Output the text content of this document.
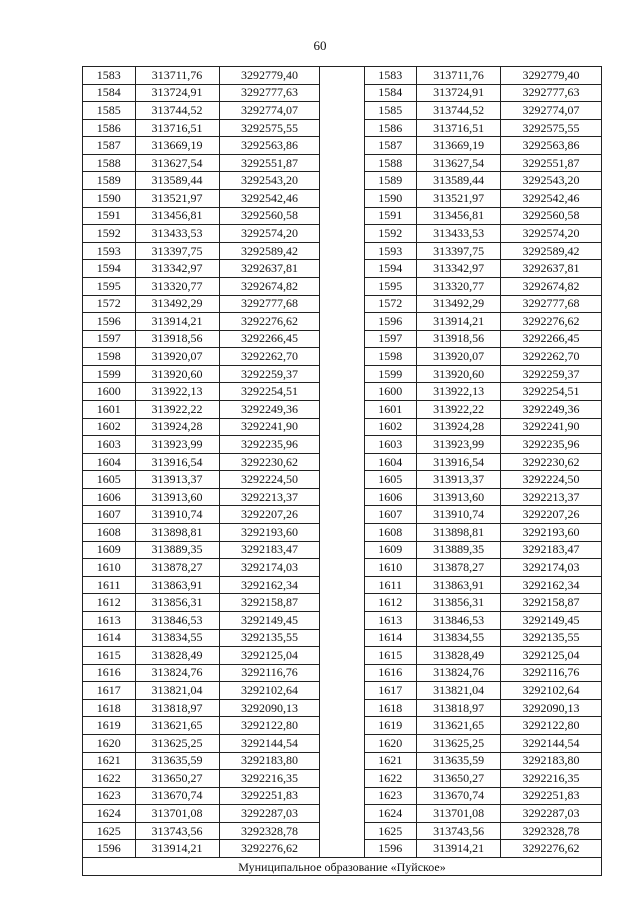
60
1583	313711,76	3292779,40		1583	313711,76	3292779,40
1584	313724,91	3292777,63		1584	313724,91	3292777,63
1585	313744,52	3292774,07		1585	313744,52	3292774,07
1586	313716,51	3292575,55		1586	313716,51	3292575,55
1587	313669,19	3292563,86		1587	313669,19	3292563,86
1588	313627,54	3292551,87		1588	313627,54	3292551,87
1589	313589,44	3292543,20		1589	313589,44	3292543,20
1590	313521,97	3292542,46		1590	313521,97	3292542,46
1591	313456,81	3292560,58		1591	313456,81	3292560,58
1592	313433,53	3292574,20		1592	313433,53	3292574,20
1593	313397,75	3292589,42		1593	313397,75	3292589,42
1594	313342,97	3292637,81		1594	313342,97	3292637,81
1595	313320,77	3292674,82		1595	313320,77	3292674,82
1572	313492,29	3292777,68		1572	313492,29	3292777,68
1596	313914,21	3292276,62		1596	313914,21	3292276,62
1597	313918,56	3292266,45		1597	313918,56	3292266,45
1598	313920,07	3292262,70		1598	313920,07	3292262,70
1599	313920,60	3292259,37		1599	313920,60	3292259,37
1600	313922,13	3292254,51		1600	313922,13	3292254,51
1601	313922,22	3292249,36		1601	313922,22	3292249,36
1602	313924,28	3292241,90		1602	313924,28	3292241,90
1603	313923,99	3292235,96		1603	313923,99	3292235,96
1604	313916,54	3292230,62		1604	313916,54	3292230,62
1605	313913,37	3292224,50		1605	313913,37	3292224,50
1606	313913,60	3292213,37		1606	313913,60	3292213,37
1607	313910,74	3292207,26		1607	313910,74	3292207,26
1608	313898,81	3292193,60		1608	313898,81	3292193,60
1609	313889,35	3292183,47		1609	313889,35	3292183,47
1610	313878,27	3292174,03		1610	313878,27	3292174,03
1611	313863,91	3292162,34		1611	313863,91	3292162,34
1612	313856,31	3292158,87		1612	313856,31	3292158,87
1613	313846,53	3292149,45		1613	313846,53	3292149,45
1614	313834,55	3292135,55		1614	313834,55	3292135,55
1615	313828,49	3292125,04		1615	313828,49	3292125,04
1616	313824,76	3292116,76		1616	313824,76	3292116,76
1617	313821,04	3292102,64		1617	313821,04	3292102,64
1618	313818,97	3292090,13		1618	313818,97	3292090,13
1619	313621,65	3292122,80		1619	313621,65	3292122,80
1620	313625,25	3292144,54		1620	313625,25	3292144,54
1621	313635,59	3292183,80		1621	313635,59	3292183,80
1622	313650,27	3292216,35		1622	313650,27	3292216,35
1623	313670,74	3292251,83		1623	313670,74	3292251,83
1624	313701,08	3292287,03		1624	313701,08	3292287,03
1625	313743,56	3292328,78		1625	313743,56	3292328,78
1596	313914,21	3292276,62		1596	313914,21	3292276,62
Муниципальное образование «Пуйское»						
